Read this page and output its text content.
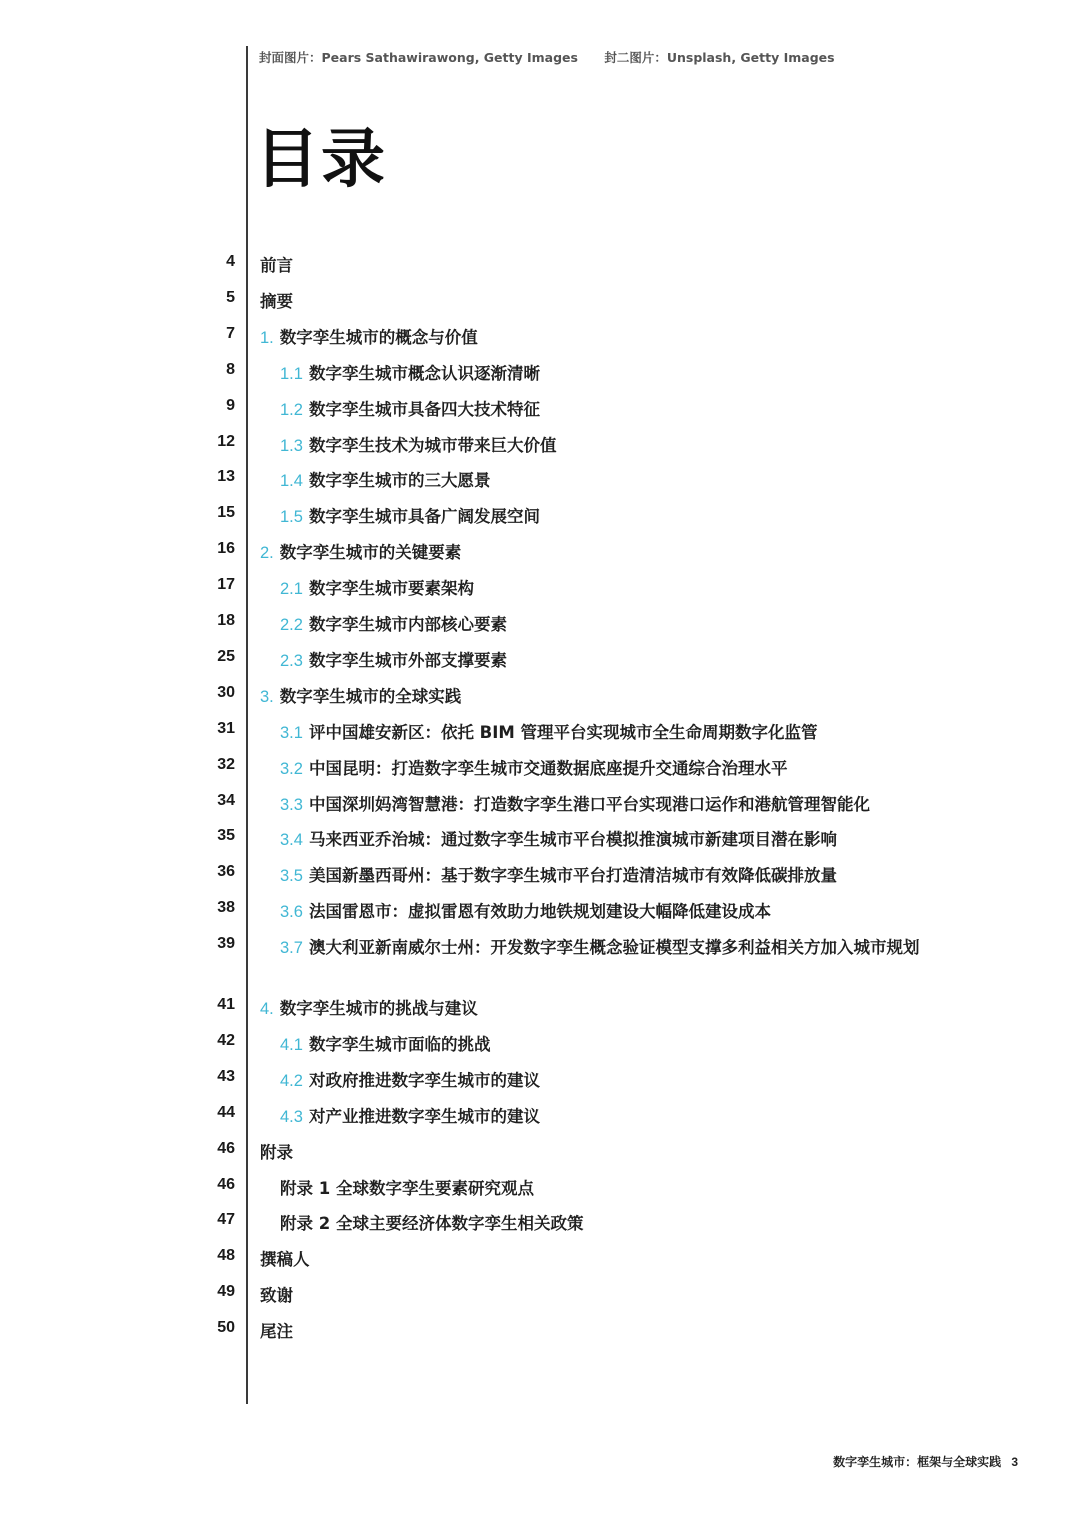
封面图片：Pears Sathawirawong, Getty Images 封二图片：Unsplash, Getty Images
目录
4 前言
5 摘要
7 1. 数字孪生城市的概念与价值
8	1.1 数字孪生城市概念认识逐渐清晰
9	1.2 数字孪生城市具备四大技术特征
12	1.3 数字孪生技术为城市带来巨大价值
13	1.4 数字孪生城市的三大愿景
15	1.5 数字孪生城市具备广阔发展空间
16 2. 数字孪生城市的关键要素
17	2.1 数字孪生城市要素架构
18	2.2 数字孪生城市内部核心要素
25	2.3 数字孪生城市外部支撑要素
30 3. 数字孪生城市的全球实践
31	3.1 评中国雄安新区：依托 BIM 管理平台实现城市全生命周期数字化监管
32	3.2 中国昆明：打造数字孪生城市交通数据底座提升交通综合治理水平
34	3.3 中国深圳妈湾智慧港：打造数字孪生港口平台实现港口运作和港航管理智能化
35	3.4 马来西亚乔治城：通过数字孪生城市平台模拟推演城市新建项目潜在影响
36	3.5 美国新墨西哥州：基于数字孪生城市平台打造清洁城市有效降低碳排放量
38	3.6 法国雷恩市：虚拟雷恩有效助力地铁规划建设大幅降低建设成本
39	3.7 澳大利亚新南威尔士州：开发数字孪生概念验证模型支撑多利益相关方加入城市规划
41 4. 数字孪生城市的挑战与建议
42	4.1 数字孪生城市面临的挑战
43	4.2 对政府推进数字孪生城市的建议
44	4.3 对产业推进数字孪生城市的建议
46 附录
46	附录 1 全球数字孪生要素研究观点
47	附录 2 全球主要经济体数字孪生相关政策
48 撰稿人
49 致谢
50 尾注
数字孪生城市：框架与全球实践 3
